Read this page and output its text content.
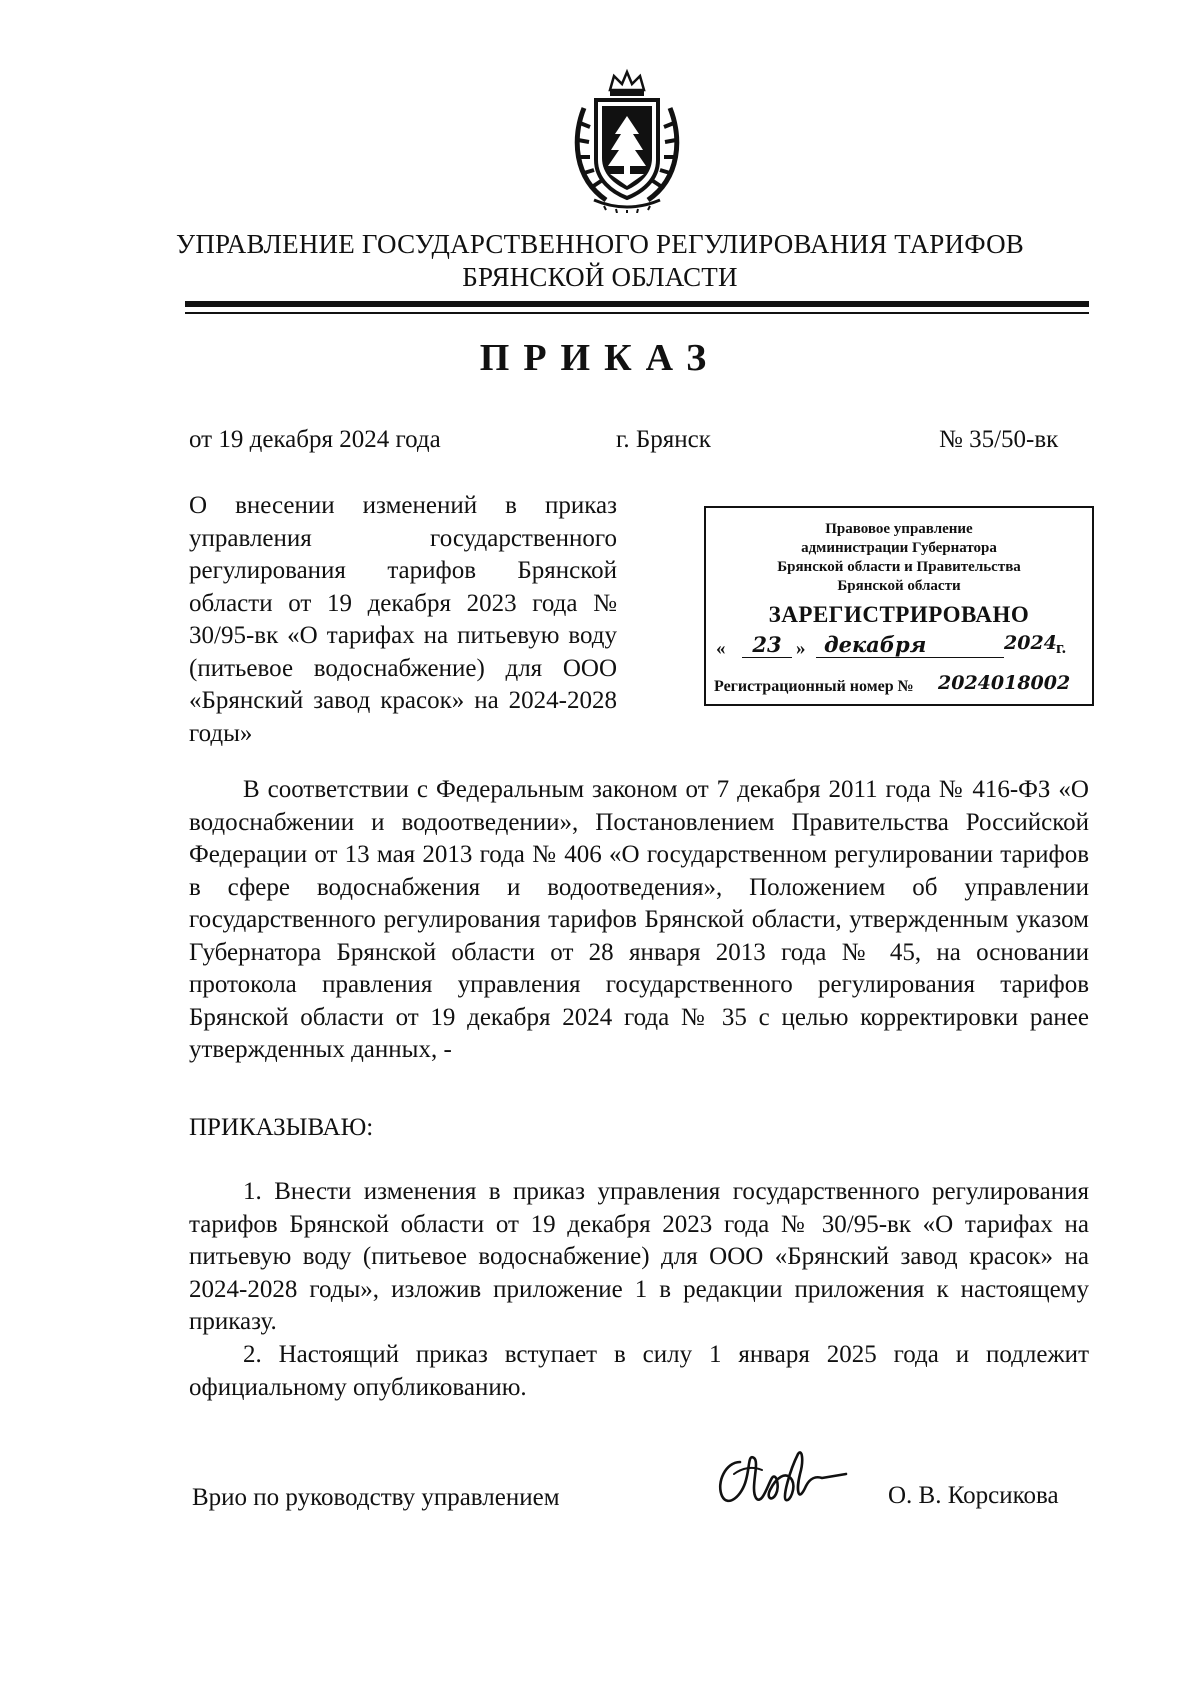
УПРАВЛЕНИЕ ГОСУДАРСТВЕННОГО РЕГУЛИРОВАНИЯ ТАРИФОВ
БРЯНСКОЙ ОБЛАСТИ
ПРИКАЗ
от 19 декабря 2024 года	г. Брянск	№ 35/50-вк
О внесении изменений в приказ управления государственного регулирования тарифов Брянской области от 19 декабря 2023 года № 30/95-вк «О тарифах на питьевую воду (питьевое водоснабжение) для ООО «Брянский завод красок» на 2024-2028 годы»
Правовое управление
администрации Губернатора
Брянской области и Правительства
Брянской области
ЗАРЕГИСТРИРОВАНО
«	23 » декабря	2024 г.
Регистрационный номер № 2024018002
В соответствии с Федеральным законом от 7 декабря 2011 года № 416-ФЗ «О водоснабжении и водоотведении», Постановлением Правительства Российской Федерации от 13 мая 2013 года № 406 «О государственном регулировании тарифов в сфере водоснабжения и водоотведения», Положением об управлении государственного регулирования тарифов Брянской области, утвержденным указом Губернатора Брянской области от 28 января 2013 года № 45, на основании протокола правления управления государственного регулирования тарифов Брянской области от 19 декабря 2024 года № 35 с целью корректировки ранее утвержденных данных, -
ПРИКАЗЫВАЮ:
1. Внести изменения в приказ управления государственного регулирования тарифов Брянской области от 19 декабря 2023 года № 30/95-вк «О тарифах на питьевую воду (питьевое водоснабжение) для ООО «Брянский завод красок» на 2024-2028 годы», изложив приложение 1 в редакции приложения к настоящему приказу.
2. Настоящий приказ вступает в силу 1 января 2025 года и подлежит официальному опубликованию.
Врио по руководству управлением	О. В. Корсикова
